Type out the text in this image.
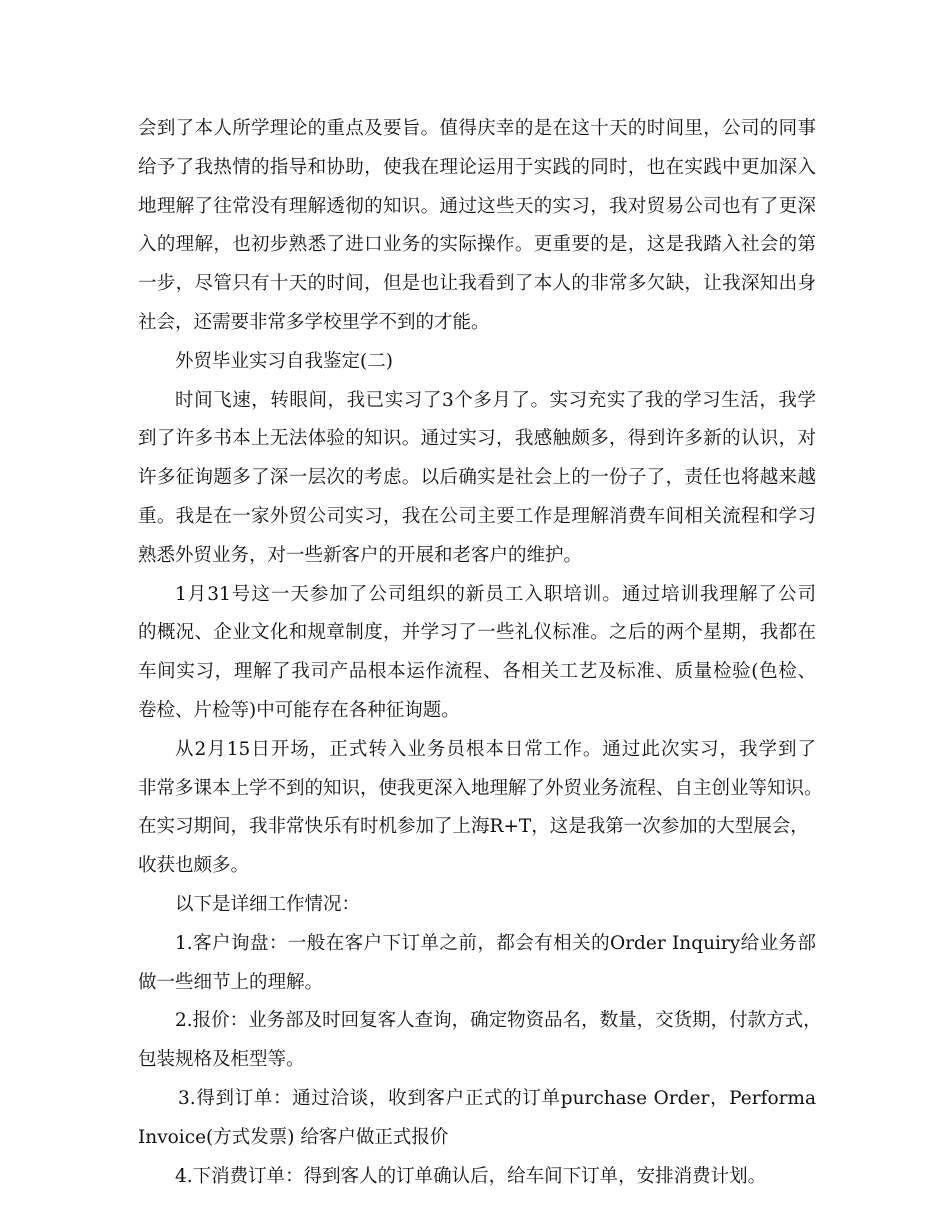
会到了本人所学理论的重点及要旨。值得庆幸的是在这十天的时间里，公司的同事
给予了我热情的指导和协助，使我在理论运用于实践的同时，也在实践中更加深入
地理解了往常没有理解透彻的知识。通过这些天的实习，我对贸易公司也有了更深
入的理解，也初步熟悉了进口业务的实际操作。更重要的是，这是我踏入社会的第
一步，尽管只有十天的时间，但是也让我看到了本人的非常多欠缺，让我深知出身
社会，还需要非常多学校里学不到的才能。
外贸毕业实习自我鉴定(二)
时间飞速，转眼间，我已实习了3个多月了。实习充实了我的学习生活，我学
到了许多书本上无法体验的知识。通过实习，我感触颇多，得到许多新的认识，对
许多征询题多了深一层次的考虑。以后确实是社会上的一份子了，责任也将越来越
重。我是在一家外贸公司实习，我在公司主要工作是理解消费车间相关流程和学习
熟悉外贸业务，对一些新客户的开展和老客户的维护。
1月31号这一天参加了公司组织的新员工入职培训。通过培训我理解了公司
的概况、企业文化和规章制度，并学习了一些礼仪标准。之后的两个星期，我都在
车间实习，理解了我司产品根本运作流程、各相关工艺及标准、质量检验(色检、
卷检、片检等)中可能存在各种征询题。
从2月15日开场，正式转入业务员根本日常工作。通过此次实习，我学到了
非常多课本上学不到的知识，使我更深入地理解了外贸业务流程、自主创业等知识。
在实习期间，我非常快乐有时机参加了上海R+T，这是我第一次参加的大型展会，
收获也颇多。
以下是详细工作情况：
1.客户询盘：一般在客户下订单之前，都会有相关的Order Inquiry给业务部
做一些细节上的理解。
2.报价：业务部及时回复客人查询，确定物资品名，数量，交货期，付款方式，
包装规格及柜型等。
3.得到订单：通过洽谈，收到客户正式的订单purchase Order，Performa
Invoice(方式发票) 给客户做正式报价
4.下消费订单：得到客人的订单确认后，给车间下订单，安排消费计划。
